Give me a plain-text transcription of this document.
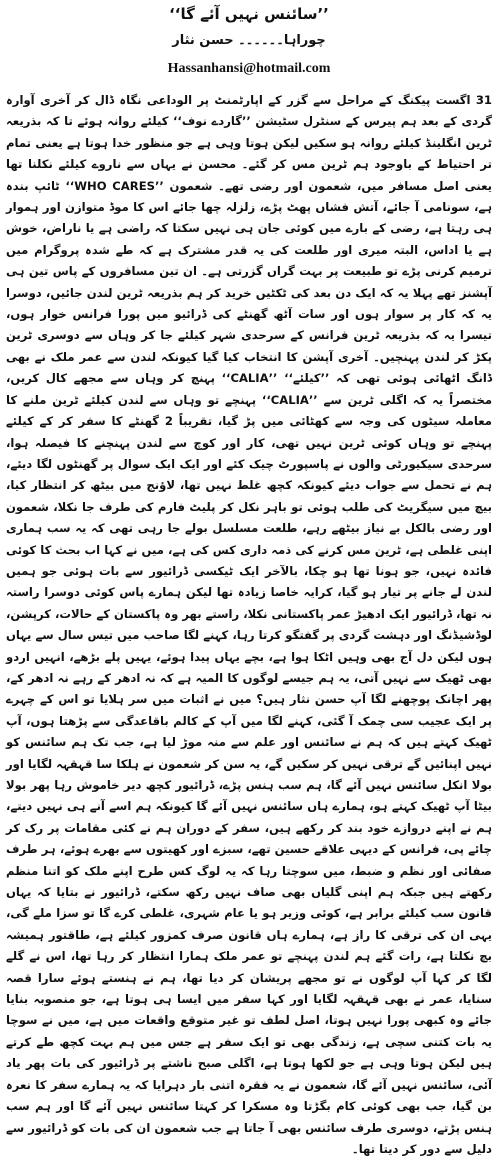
’’سائنس نہیں آئے گا‘‘
چوراہا۔۔۔۔۔۔ حسن نثار
Hassanhansi@hotmail.com
31 اگست پیکنگ کے مراحل سے گزر کے اپارٹمنٹ پر الوداعی نگاہ ڈال کر آخری آوارہ گردی کے بعد ہم پیرس کے سنٹرل سٹیشن ’’گاردے نوف‘‘ کیلئے روانہ ہوئے تا کہ بذریعہ ٹرین انگلینڈ کیلئے روانہ ہو سکیں لیکن ہوتا وہی ہے جو منظور خدا ہوتا ہے یعنی تمام تر احتیاط کے باوجود ہم ٹرین مس کر گئے۔ محسن نے یہاں سے ناروے کیلئے نکلنا تھا یعنی اصل مسافر میں، شعمون اور رضی تھے۔ شعمون ’’WHO CARES‘‘ ٹائپ بندہ ہے، سونامی آ جائے، آتش فشاں پھٹ پڑے، زلزلہ چھا جائے اس کا موڈ متوازن اور ہموار ہی رہتا ہے، رضی کے بارے میں کوئی جان ہی نہیں سکتا کہ راضی ہے یا ناراض، خوش ہے یا اداس، البتہ میری اور طلعت کی یہ قدر مشترک ہے کہ طے شدہ پروگرام میں ترمیم کرنی پڑے تو طبیعت پر بہت گراں گزرتی ہے۔ ان تین مسافروں کے پاس تین ہی آپشنز تھے پہلا یہ کہ ایک دن بعد کی ٹکٹیں خرید کر ہم بذریعہ ٹرین لندن جائیں، دوسرا یہ کہ کار پر سوار ہوں اور سات آٹھ گھنٹے کی ڈرائیو میں پورا فرانس خوار ہوں، تیسرا یہ کہ بذریعہ ٹرین فرانس کے سرحدی شہر کیلئے جا کر وہاں سے دوسری ٹرین پکڑ کر لندن پہنچیں۔ آخری آپشن کا انتخاب کیا گیا کیونکہ لندن سے عمر ملک نے بھی ڈانگ اٹھائی ہوئی تھی کہ ’’کیلئے‘‘ ’’CALIA‘‘ پہنچ کر وہاں سے مجھے کال کریں، مختصراً یہ کہ اگلی ٹرین سے ’’CALIA‘‘ پہنچے تو وہاں سے لندن کیلئے ٹرین ملنے کا معاملہ سیٹوں کی وجہ سے کھٹائی میں پڑ گیا، تقریباً 2 گھنٹے کا سفر کر کے کیلئے پہنچے تو وہاں کوئی ٹرین نہیں تھی، کار اور کوچ سے لندن پہنچنے کا فیصلہ ہوا، سرحدی سیکیورٹی والوں نے پاسپورٹ چیک کئے اور ایک ایک سوال پر گھنٹوں لگا دیئے، ہم نے تحمل سے جواب دیئے کیونکہ کچھ غلط نہیں تھا، لاؤنج میں بیٹھ کر انتظار کیا، بیچ میں سیگریٹ کی طلب ہوئی تو باہر نکل کر پلیٹ فارم کی طرف جا نکلا، شعمون اور رضی بالکل بے نیاز بیٹھے رہے، طلعت مسلسل بولے جا رہی تھی کہ یہ سب ہماری اپنی غلطی ہے، ٹرین مس کرنے کی ذمہ داری کس کی ہے، میں نے کہا اب بحث کا کوئی فائدہ نہیں، جو ہونا تھا ہو چکا، بالآخر ایک ٹیکسی ڈرائیور سے بات ہوئی جو ہمیں لندن لے جانے پر تیار ہو گیا، کرایہ خاصا زیادہ تھا لیکن ہمارے پاس کوئی دوسرا راستہ نہ تھا، ڈرائیور ایک ادھیڑ عمر پاکستانی نکلا، راستے بھر وہ پاکستان کے حالات، کرپشن، لوڈشیڈنگ اور دہشت گردی پر گفتگو کرتا رہا، کہنے لگا صاحب میں تیس سال سے یہاں ہوں لیکن دل آج بھی وہیں اٹکا ہوا ہے، بچے یہاں پیدا ہوئے، یہیں پلے بڑھے، انہیں اردو بھی ٹھیک سے نہیں آتی، یہ ہم جیسے لوگوں کا المیہ ہے کہ نہ ادھر کے رہے نہ ادھر کے، پھر اچانک پوچھنے لگا آپ حسن نثار ہیں؟ میں نے اثبات میں سر ہلایا تو اس کے چہرے پر ایک عجیب سی چمک آ گئی، کہنے لگا میں آپ کے کالم باقاعدگی سے پڑھتا ہوں، آپ ٹھیک کہتے ہیں کہ ہم نے سائنس اور علم سے منہ موڑ لیا ہے، جب تک ہم سائنس کو نہیں اپنائیں گے ترقی نہیں کر سکیں گے، یہ سن کر شعمون نے ہلکا سا قہقہہ لگایا اور بولا انکل سائنس نہیں آئے گا، ہم سب ہنس پڑے، ڈرائیور کچھ دیر خاموش رہا پھر بولا بیٹا آپ ٹھیک کہتے ہو، ہمارے ہاں سائنس نہیں آئے گا کیونکہ ہم اسے آنے ہی نہیں دیتے، ہم نے اپنے دروازے خود بند کر رکھے ہیں، سفر کے دوران ہم نے کئی مقامات پر رک کر چائے پی، فرانس کے دیہی علاقے حسین تھے، سبزے اور کھیتوں سے بھرے ہوئے، ہر طرف صفائی اور نظم و ضبط، میں سوچتا رہا کہ یہ لوگ کس طرح اپنے ملک کو اتنا منظم رکھتے ہیں جبکہ ہم اپنی گلیاں بھی صاف نہیں رکھ سکتے، ڈرائیور نے بتایا کہ یہاں قانون سب کیلئے برابر ہے، کوئی وزیر ہو یا عام شہری، غلطی کرے گا تو سزا ملے گی، یہی ان کی ترقی کا راز ہے، ہمارے ہاں قانون صرف کمزور کیلئے ہے، طاقتور ہمیشہ بچ نکلتا ہے، رات گئے ہم لندن پہنچے تو عمر ملک ہمارا انتظار کر رہا تھا، اس نے گلے لگا کر کہا آپ لوگوں نے تو مجھے پریشان کر دیا تھا، ہم نے ہنستے ہوئے سارا قصہ سنایا، عمر نے بھی قہقہہ لگایا اور کہا سفر میں ایسا ہی ہوتا ہے، جو منصوبہ بنایا جائے وہ کبھی پورا نہیں ہوتا، اصل لطف تو غیر متوقع واقعات میں ہے، میں نے سوچا یہ بات کتنی سچی ہے، زندگی بھی تو ایک سفر ہے جس میں ہم بہت کچھ طے کرتے ہیں لیکن ہوتا وہی ہے جو لکھا ہوتا ہے، اگلی صبح ناشتے پر ڈرائیور کی بات پھر یاد آئی، سائنس نہیں آئے گا، شعمون نے یہ فقرہ اتنی بار دہرایا کہ یہ ہمارے سفر کا نعرہ بن گیا، جب بھی کوئی کام بگڑتا وہ مسکرا کر کہتا سائنس نہیں آئے گا اور ہم سب ہنس پڑتے، دوسری طرف سائنس بھی آ جاتا ہے جب شعمون ان کی بات کو ڈرائیور سے دلیل سے دور کر دیتا تھا۔
